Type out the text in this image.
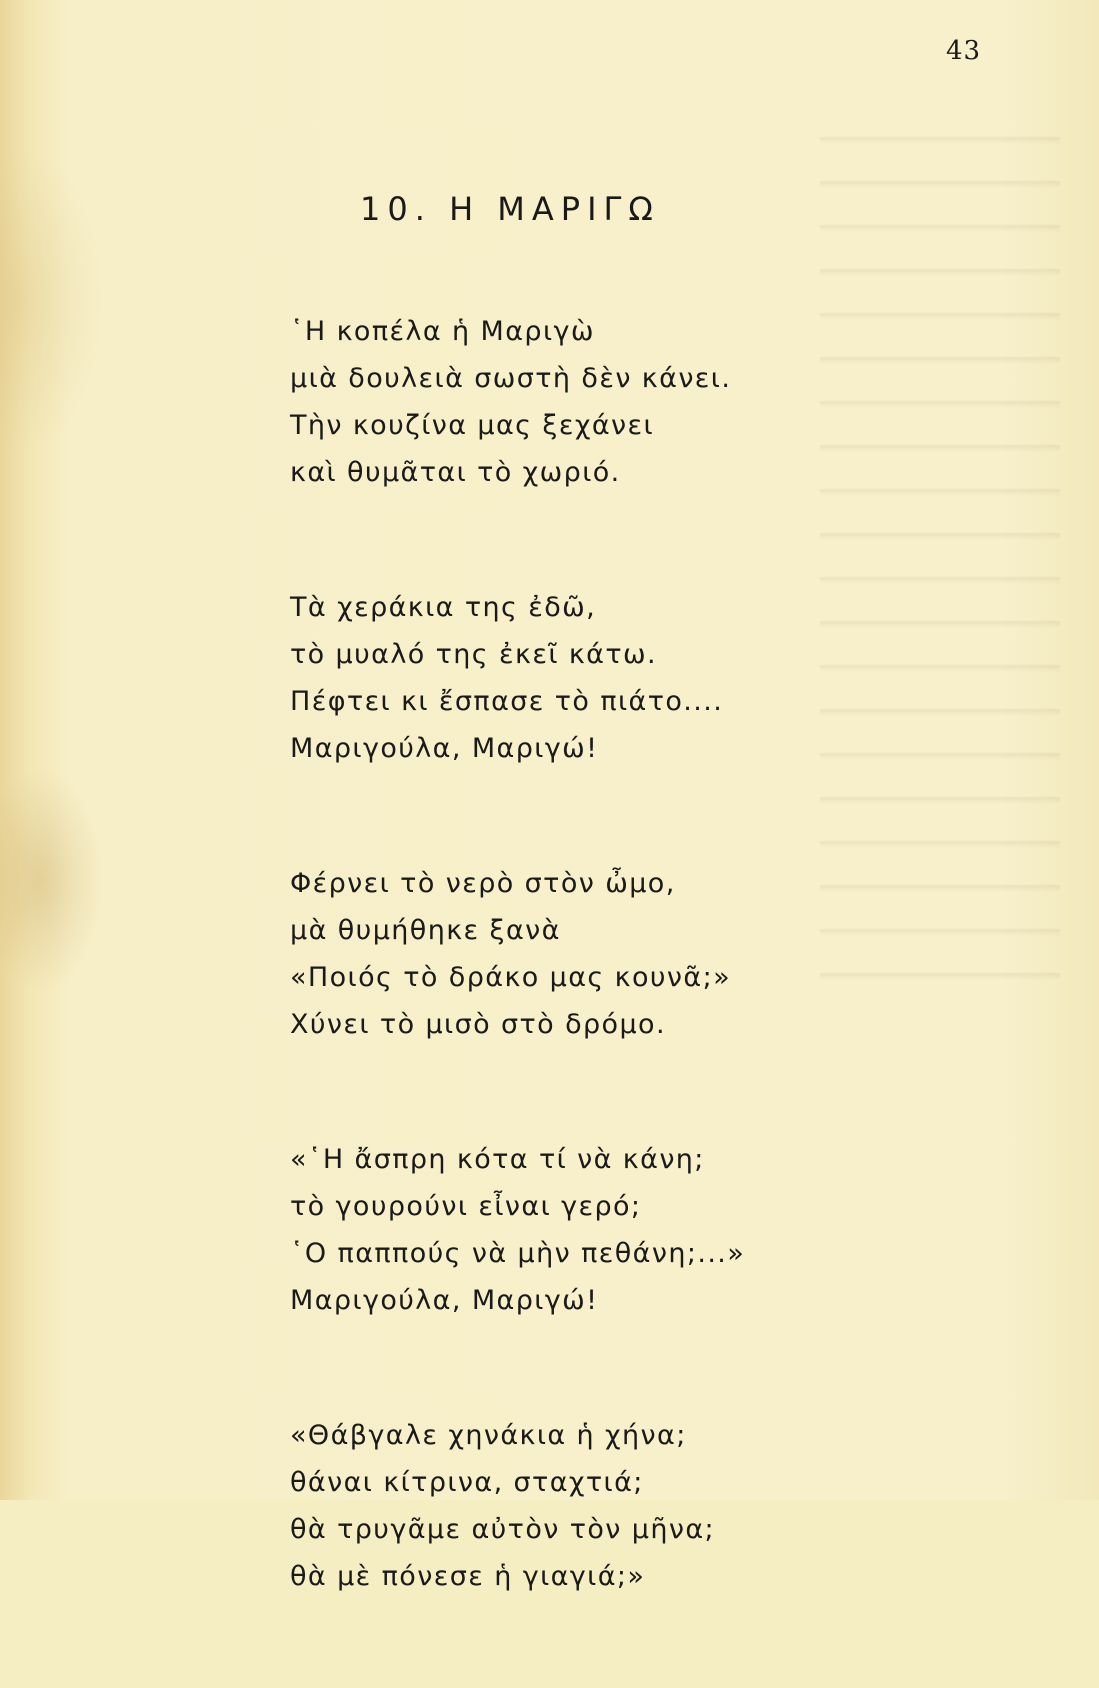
43
10. Η ΜΑΡΙΓΩ
῾Η κοπέλα ἡ Μαριγὼ
μιὰ δουλειὰ σωστὴ δὲν κάνει.
Τὴν κουζίνα μας ξεχάνει
καὶ θυμᾶται τὸ χωριό.
Τὰ χεράκια της ἐδῶ,
τὸ μυαλό της ἐκεῖ κάτω.
Πέφτει κι ἔσπασε τὸ πιάτο....
Μαριγούλα, Μαριγώ!
Φέρνει τὸ νερὸ στὸν ὦμο,
μὰ θυμήθηκε ξανὰ
«Ποιός τὸ δράκο μας κουνᾶ;»
Χύνει τὸ μισὸ στὸ δρόμο.
«῾Η ἄσπρη κότα τί νὰ κάνη;
τὸ γουρούνι εἶναι γερό;
῾Ο παππούς νὰ μὴν πεθάνη;...»
Μαριγούλα, Μαριγώ!
«Θάβγαλε χηνάκια ἡ χήνα;
θάναι κίτρινα, σταχτιά;
θὰ τρυγᾶμε αὐτὸν τὸν μῆνα;
θὰ μὲ πόνεσε ἡ γιαγιά;»
